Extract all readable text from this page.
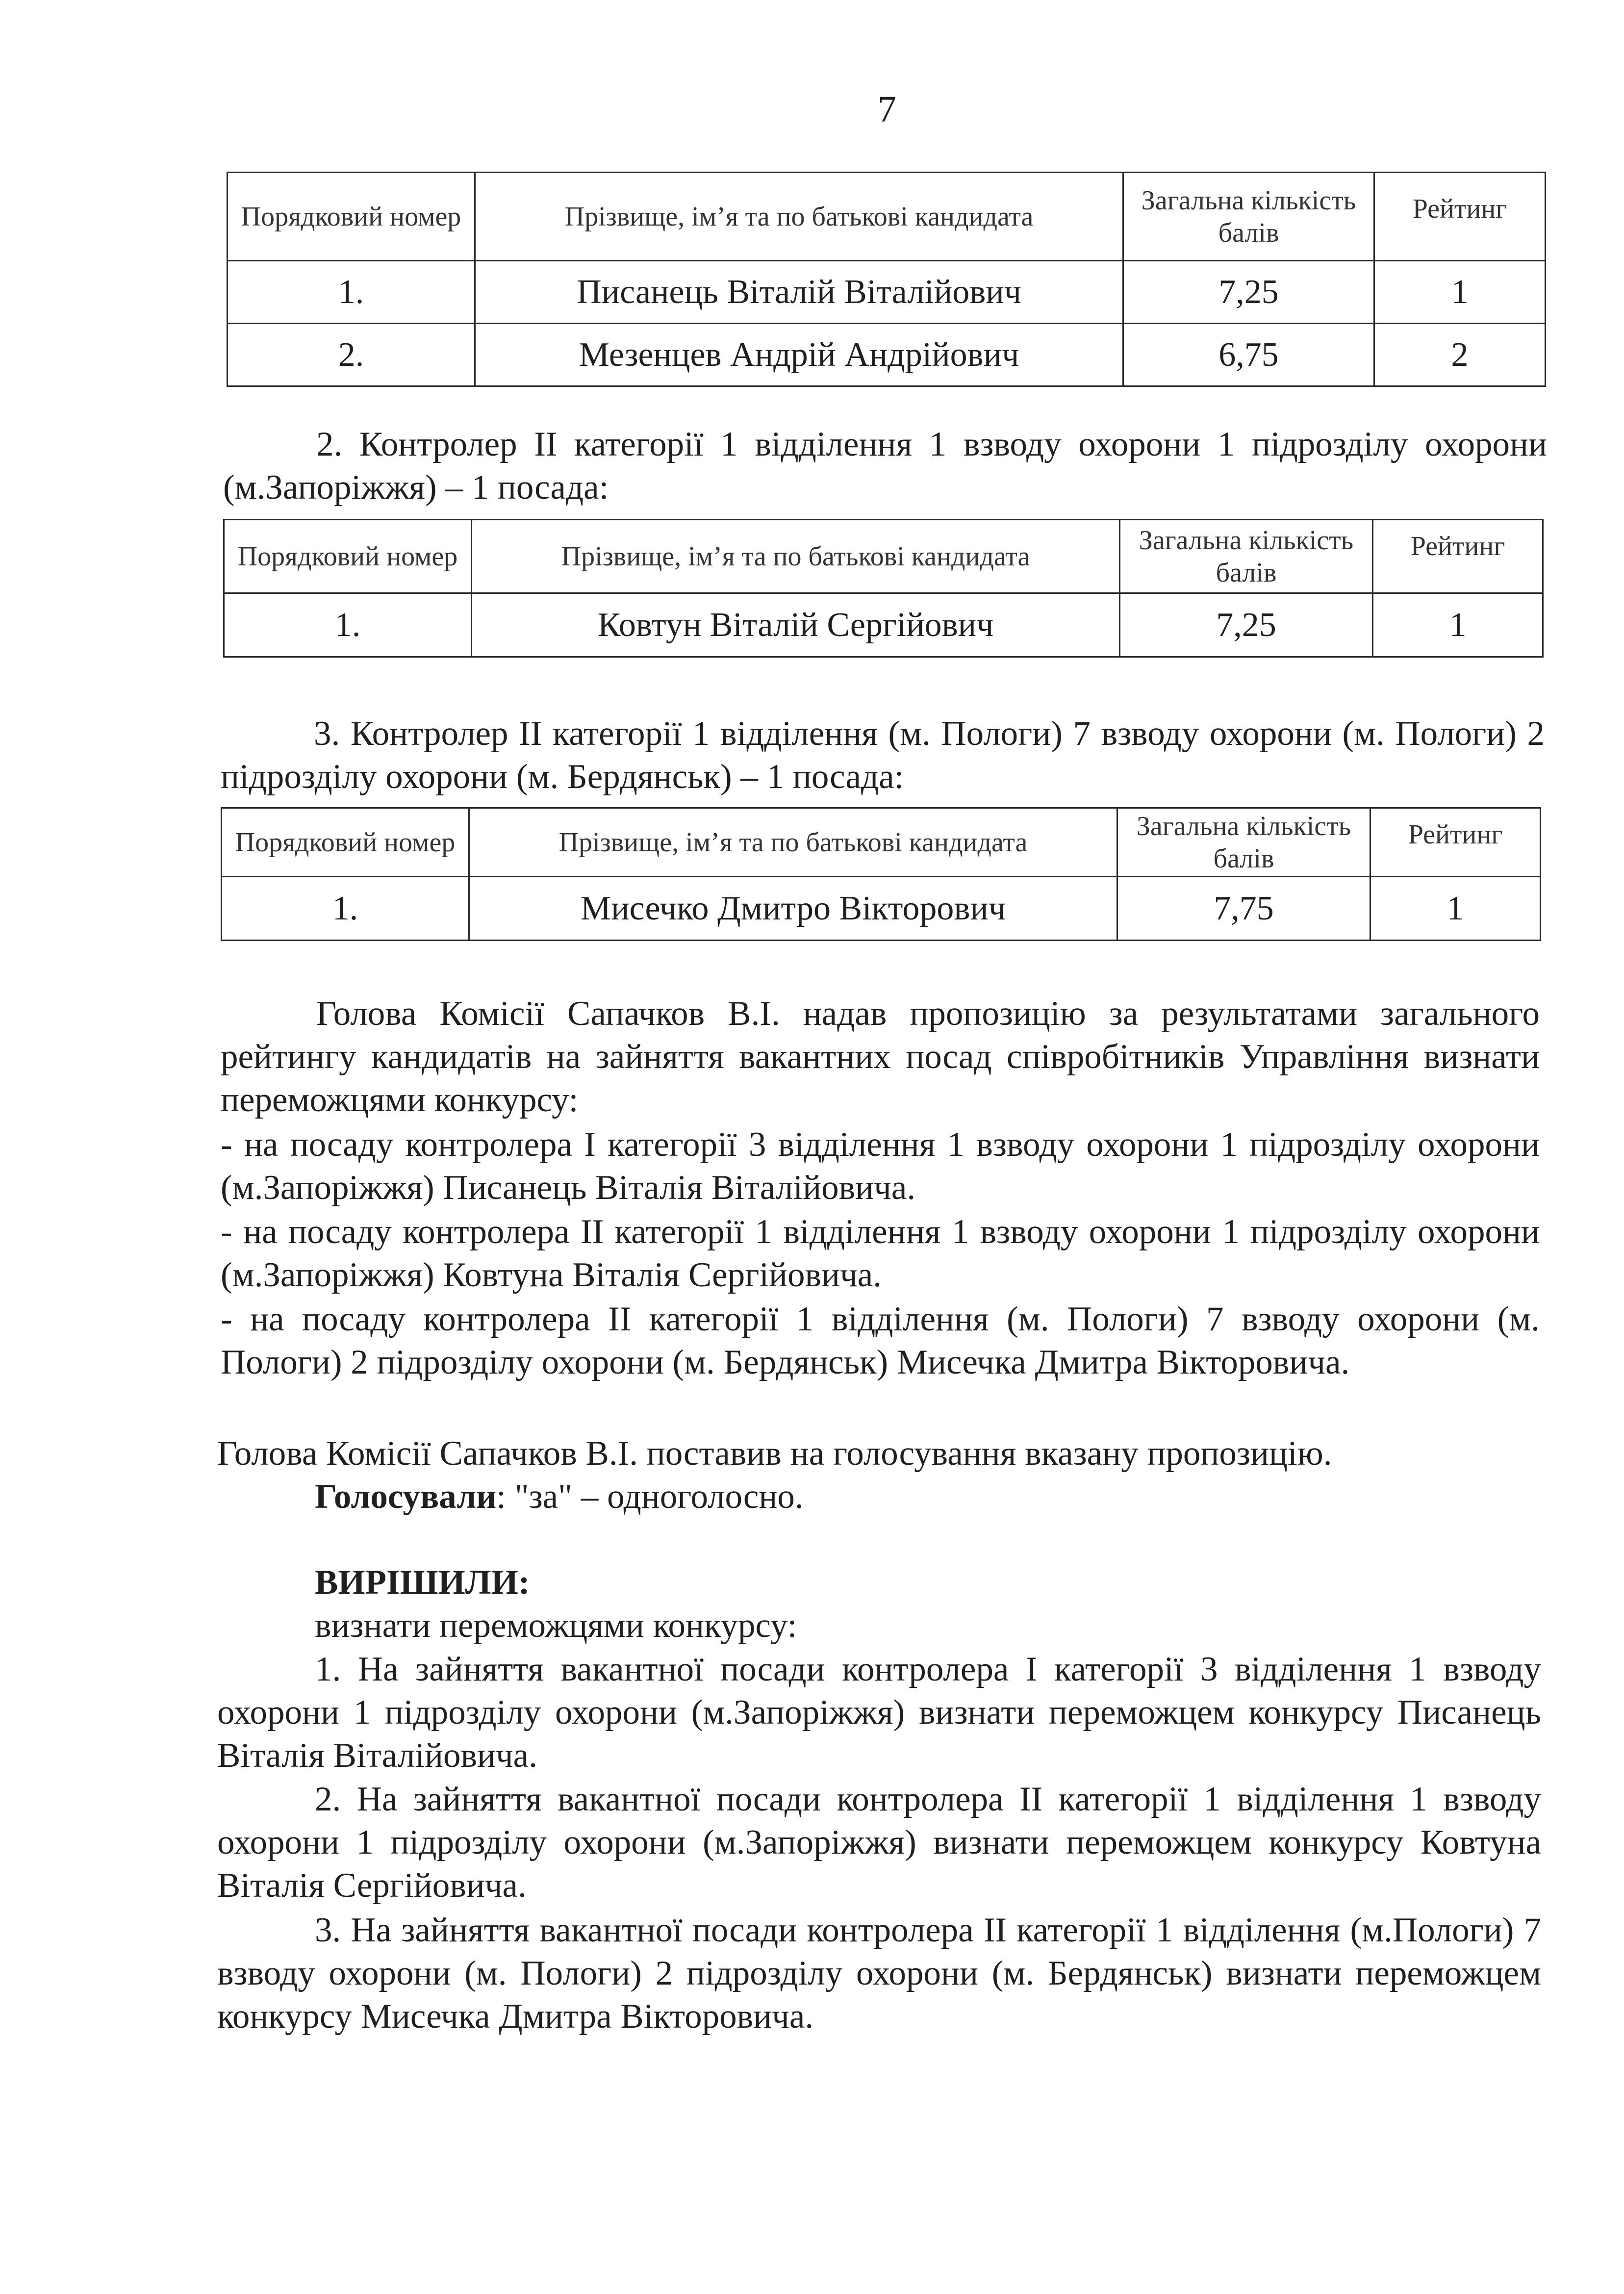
7
Порядковий номер	Прізвище, ім’я та по батькові кандидата	Загальна кількість балів	Рейтинг
1.	Писанець Віталій Віталійович	7,25	1
2.	Мезенцев Андрій Андрійович	6,75	2
2. Контролер ІІ категорії 1 відділення 1 взводу охорони 1 підрозділу охорони (м.Запоріжжя) – 1 посада:
Порядковий номер	Прізвище, ім’я та по батькові кандидата	Загальна кількість балів	Рейтинг
1.	Ковтун Віталій Сергійович	7,25	1
3. Контролер ІІ категорії 1 відділення (м. Пологи) 7 взводу охорони (м. Пологи) 2 підрозділу охорони (м. Бердянськ) – 1 посада:
Порядковий номер	Прізвище, ім’я та по батькові кандидата	Загальна кількість балів	Рейтинг
1.	Мисечко Дмитро Вікторович	7,75	1
Голова Комісії Сапачков В.І. надав пропозицію за результатами загального рейтингу кандидатів на зайняття вакантних посад співробітників Управління визнати переможцями конкурсу:
- на посаду контролера І категорії 3 відділення 1 взводу охорони 1 підрозділу охорони (м.Запоріжжя) Писанець Віталія Віталійовича.
- на посаду контролера ІІ категорії 1 відділення 1 взводу охорони 1 підрозділу охорони (м.Запоріжжя) Ковтуна Віталія Сергійовича.
- на посаду контролера ІІ категорії 1 відділення (м. Пологи) 7 взводу охорони (м. Пологи) 2 підрозділу охорони (м. Бердянськ) Мисечка Дмитра Вікторовича.
Голова Комісії Сапачков В.І. поставив на голосування вказану пропозицію.
Голосували: "за" – одноголосно.
ВИРІШИЛИ:
визнати переможцями конкурсу:
1. На зайняття вакантної посади контролера І категорії 3 відділення 1 взводу охорони 1 підрозділу охорони (м.Запоріжжя) визнати переможцем конкурсу Писанець Віталія Віталійовича.
2. На зайняття вакантної посади контролера ІІ категорії 1 відділення 1 взводу охорони 1 підрозділу охорони (м.Запоріжжя) визнати переможцем конкурсу Ковтуна Віталія Сергійовича.
3. На зайняття вакантної посади контролера ІІ категорії 1 відділення (м.Пологи) 7 взводу охорони (м. Пологи) 2 підрозділу охорони (м. Бердянськ) визнати переможцем конкурсу Мисечка Дмитра Вікторовича.
